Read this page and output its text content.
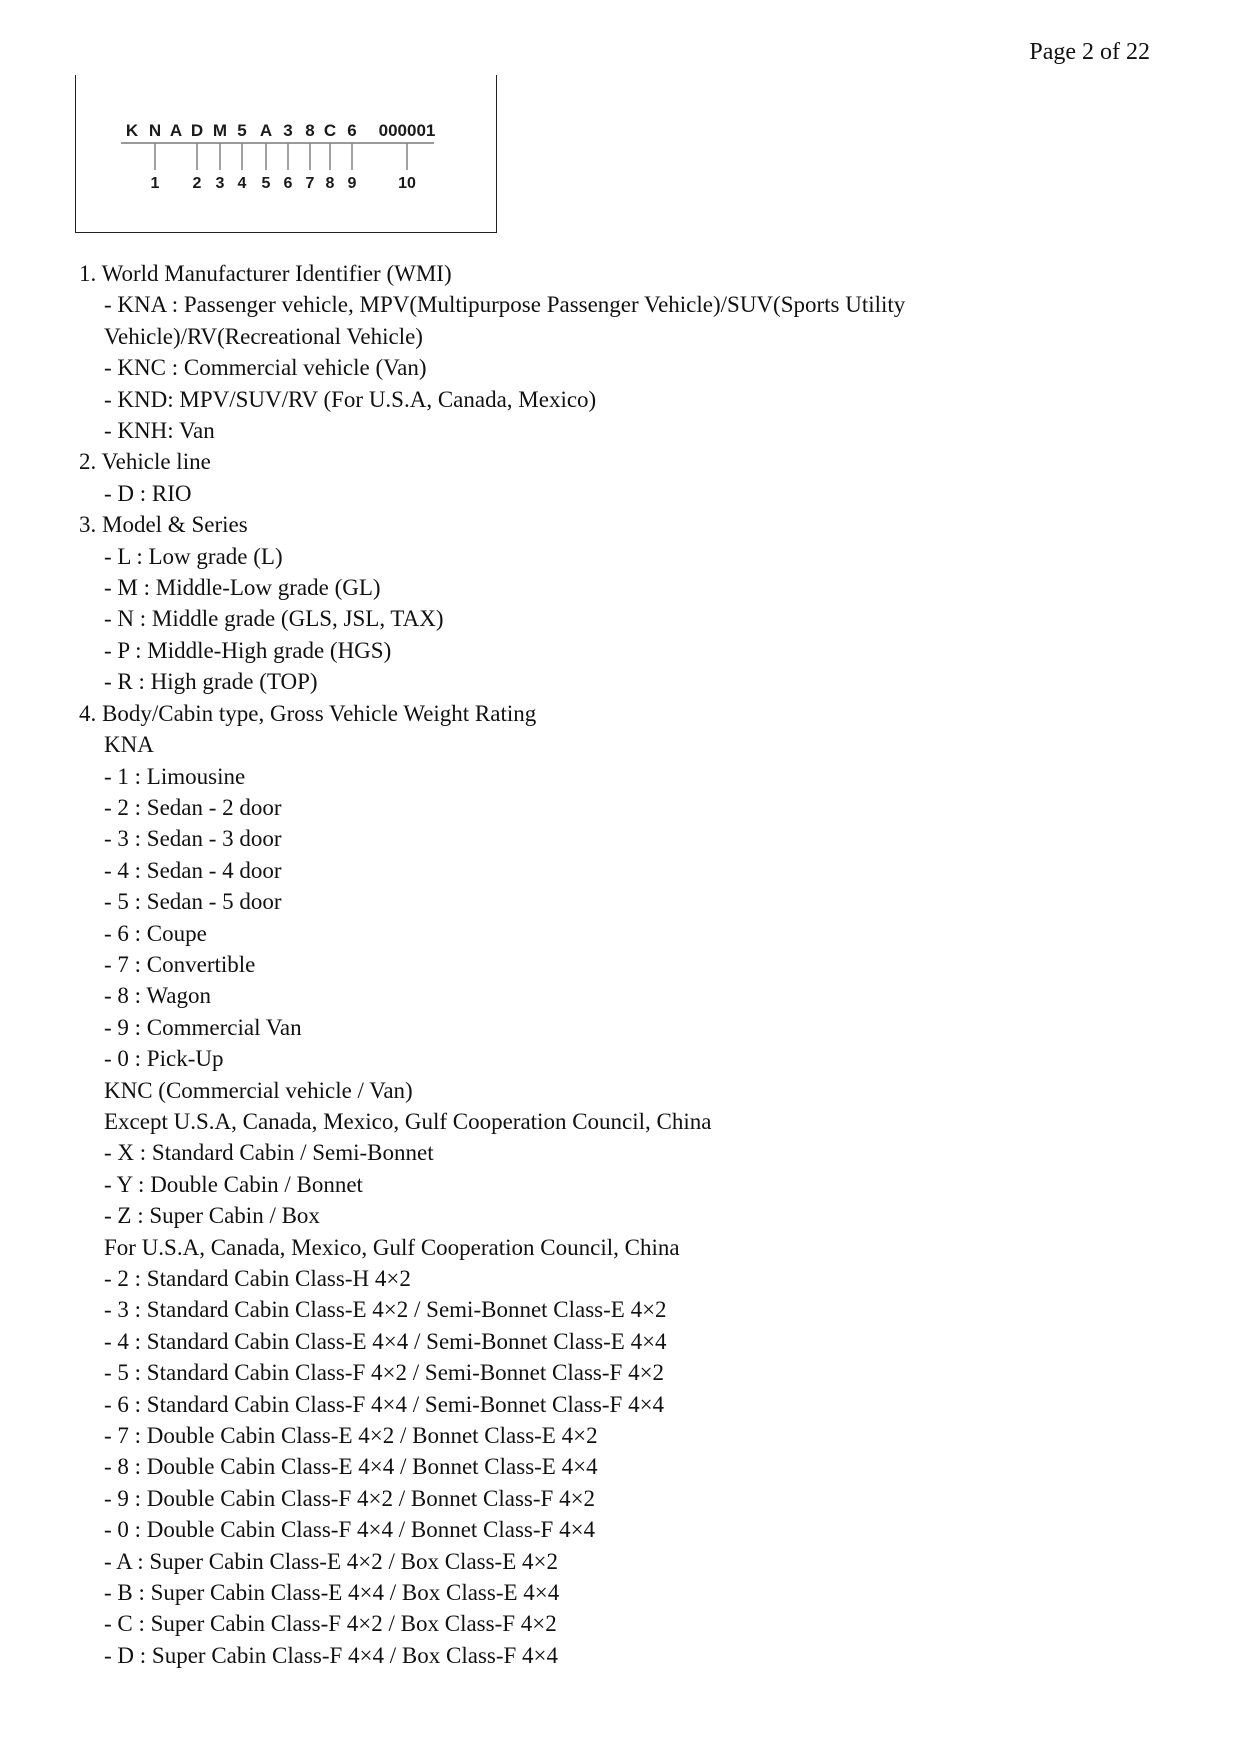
Page 2 of 22
K N A D M 5 A 3 8 C 6 000001
1 2 3 4 5 6 7 8 9	10
1. World Manufacturer Identifier (WMI)
- KNA : Passenger vehicle, MPV(Multipurpose Passenger Vehicle)/SUV(Sports Utility
Vehicle)/RV(Recreational Vehicle)
- KNC : Commercial vehicle (Van)
- KND: MPV/SUV/RV (For U.S.A, Canada, Mexico)
- KNH: Van
2. Vehicle line
- D : RIO
3. Model & Series
- L : Low grade (L)
- M : Middle-Low grade (GL)
- N : Middle grade (GLS, JSL, TAX)
- P : Middle-High grade (HGS)
- R : High grade (TOP)
4. Body/Cabin type, Gross Vehicle Weight Rating
KNA
- 1 : Limousine
- 2 : Sedan - 2 door
- 3 : Sedan - 3 door
- 4 : Sedan - 4 door
- 5 : Sedan - 5 door
- 6 : Coupe
- 7 : Convertible
- 8 : Wagon
- 9 : Commercial Van
- 0 : Pick-Up
KNC (Commercial vehicle / Van)
Except U.S.A, Canada, Mexico, Gulf Cooperation Council, China
- X : Standard Cabin / Semi-Bonnet
- Y : Double Cabin / Bonnet
- Z : Super Cabin / Box
For U.S.A, Canada, Mexico, Gulf Cooperation Council, China
- 2 : Standard Cabin Class-H 4×2
- 3 : Standard Cabin Class-E 4×2 / Semi-Bonnet Class-E 4×2
- 4 : Standard Cabin Class-E 4×4 / Semi-Bonnet Class-E 4×4
- 5 : Standard Cabin Class-F 4×2 / Semi-Bonnet Class-F 4×2
- 6 : Standard Cabin Class-F 4×4 / Semi-Bonnet Class-F 4×4
- 7 : Double Cabin Class-E 4×2 / Bonnet Class-E 4×2
- 8 : Double Cabin Class-E 4×4 / Bonnet Class-E 4×4
- 9 : Double Cabin Class-F 4×2 / Bonnet Class-F 4×2
- 0 : Double Cabin Class-F 4×4 / Bonnet Class-F 4×4
- A : Super Cabin Class-E 4×2 / Box Class-E 4×2
- B : Super Cabin Class-E 4×4 / Box Class-E 4×4
- C : Super Cabin Class-F 4×2 / Box Class-F 4×2
- D : Super Cabin Class-F 4×4 / Box Class-F 4×4
